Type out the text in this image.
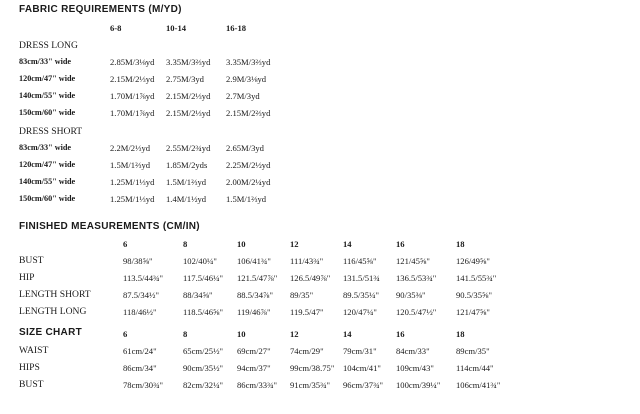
FABRIC REQUIREMENTS (M/YD)
6-8	10-14	16-18
DRESS LONG
83cm/33" wide	2.85M/3⅛yd 3.35M/3⅔yd 3.35M/3⅔yd
120cm/47" wide	2.15M/2⅓yd 2.75M/3yd	2.9M/3⅛yd
140cm/55" wide	1.70M/1⅞yd 2.15M/2⅓yd 2.7M/3yd
150cm/60" wide	1.70M/1⅞yd 2.15M/2⅓yd 2.15M/2⅔yd
DRESS SHORT
83cm/33" wide	2.2M/2⅓yd 2.55M/2¾yd 2.65M/3yd
120cm/47" wide	1.5M/1⅔yd 1.85M/2yds 2.25M/2½yd
140cm/55" wide	1.25M/1⅓yd 1.5M/1⅔yd 2.00M/2¼yd
150cm/60" wide	1.25M/1⅓yd 1.4M/1½yd 1.5M/1⅔yd
FINISHED MEASUREMENTS (CM/IN)
6	8	10	12	14	16	18
BUST	98/38⅝"	102/40¼" 106/41¾" 111/43¾" 116/45⅝" 121/45⅝"	126/49⅝"
HIP	113.5/44¾" 117.5/46¼" 121.5/47⅞" 126.5/49⅞" 131.5/51¾ 136.5/53¾" 141.5/55¾"
LENGTH SHORT	87.5/34½"	88/34⅝"	88.5/34⅞" 89/35"	89.5/35¼" 90/35⅜"	90.5/35⅝"
LENGTH LONG	118/46½"	118.5/46⅝" 119/46⅞" 119.5/47" 120/47¼" 120.5/47½" 121/47⅝"
SIZE CHART	6	8	10	12	14	16	18
WAIST	61cm/24"	65cm/25½" 69cm/27" 74cm/29" 79cm/31" 84cm/33"	89cm/35"
HIPS	86cm/34"	90cm/35½" 94cm/37" 99cm/38.75" 104cm/41" 109cm/43"	114cm/44"
BUST	78cm/30¾" 82cm/32¼" 86cm/33¾" 91cm/35¾" 96cm/37¾" 100cm/39¼" 106cm/41¾"
